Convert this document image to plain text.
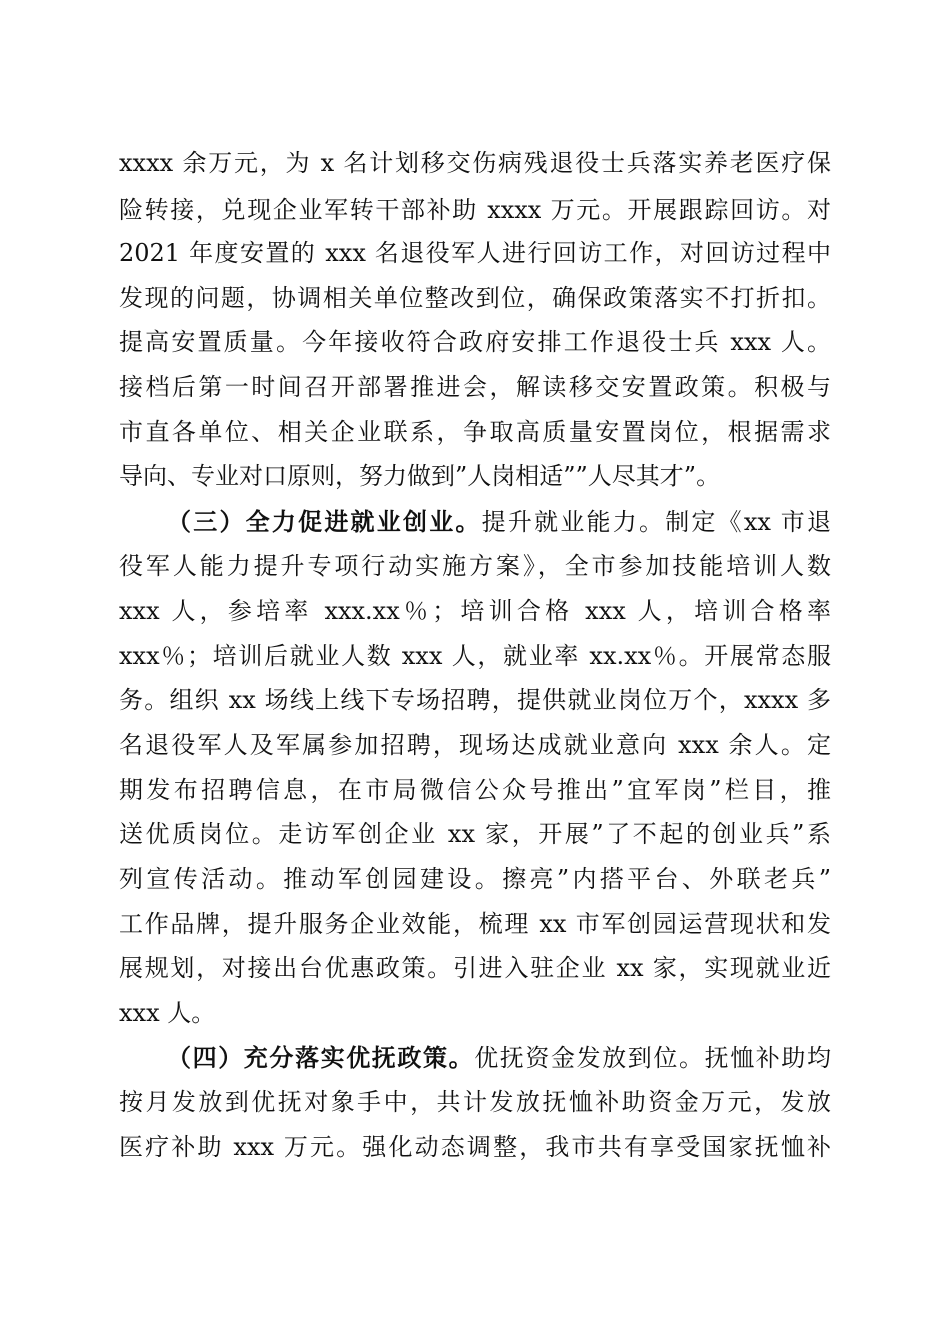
xxxx 余万元，为 x 名计划移交伤病残退役士兵落实养老医疗保
险转接，兑现企业军转干部补助 xxxx 万元。开展跟踪回访。对
2021 年度安置的 xxx 名退役军人进行回访工作，对回访过程中
发现的问题，协调相关单位整改到位，确保政策落实不打折扣。
提高安置质量。今年接收符合政府安排工作退役士兵 xxx 人。
接档后第一时间召开部署推进会，解读移交安置政策。积极与
市直各单位、相关企业联系，争取高质量安置岗位，根据需求
导向、专业对口原则，努力做到”人岗相适””人尽其才”。
（三）全力促进就业创业。提升就业能力。制定《xx 市退
役军人能力提升专项行动实施方案》，全市参加技能培训人数
xxx 人，参培率 xxx.xx％；培训合格 xxx 人，培训合格率
xxx％；培训后就业人数 xxx 人，就业率 xx.xx％。开展常态服
务。组织 xx 场线上线下专场招聘，提供就业岗位万个，xxxx 多
名退役军人及军属参加招聘，现场达成就业意向 xxx 余人。定
期发布招聘信息，在市局微信公众号推出”宜军岗”栏目，推
送优质岗位。走访军创企业 xx 家，开展”了不起的创业兵”系
列宣传活动。推动军创园建设。擦亮”内搭平台、外联老兵”
工作品牌，提升服务企业效能，梳理 xx 市军创园运营现状和发
展规划，对接出台优惠政策。引进入驻企业 xx 家，实现就业近
xxx 人。
（四）充分落实优抚政策。优抚资金发放到位。抚恤补助均
按月发放到优抚对象手中，共计发放抚恤补助资金万元，发放
医疗补助 xxx 万元。强化动态调整，我市共有享受国家抚恤补
